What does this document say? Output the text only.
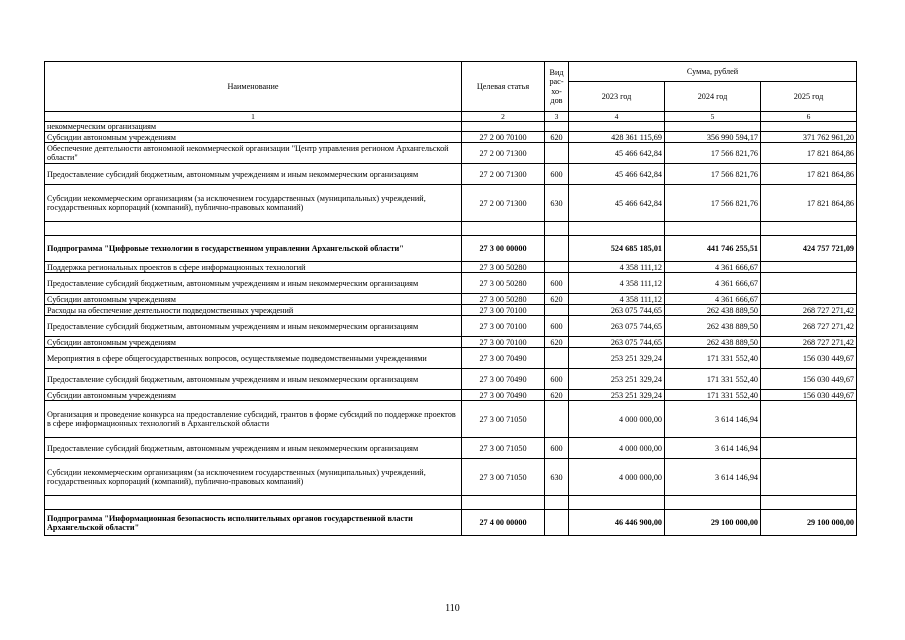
Наименование	Целевая статья	Вид рас-хо-дов	Сумма, рублей		
			2023 год	2024 год	2025 год
1	2	3	4	5	6
некоммерческим организациям					
Субсидии автономным учреждениям	27 2 00 70100	620	428 361 115,69	356 990 594,17	371 762 961,20
Обеспечение деятельности автономной некоммерческой организации "Центр управления регионом Архангельской области"	27 2 00 71300		45 466 642,84	17 566 821,76	17 821 864,86
Предоставление субсидий бюджетным, автономным учреждениям и иным некоммерческим организациям	27 2 00 71300	600	45 466 642,84	17 566 821,76	17 821 864,86
Субсидии некоммерческим организациям (за исключением государственных (муниципальных) учреждений, государственных корпораций (компаний), публично-правовых компаний)	27 2 00 71300	630	45 466 642,84	17 566 821,76	17 821 864,86

Подпрограмма "Цифровые технологии в государственном управлении Архангельской области"	27 3 00 00000		524 685 185,01	441 746 255,51	424 757 721,09
Поддержка региональных проектов в сфере информационных технологий	27 3 00 50280		4 358 111,12	4 361 666,67	
Предоставление субсидий бюджетным, автономным учреждениям и иным некоммерческим организациям	27 3 00 50280	600	4 358 111,12	4 361 666,67	
Субсидии автономным учреждениям	27 3 00 50280	620	4 358 111,12	4 361 666,67	
Расходы на обеспечение деятельности подведомственных учреждений	27 3 00 70100		263 075 744,65	262 438 889,50	268 727 271,42
Предоставление субсидий бюджетным, автономным учреждениям и иным некоммерческим организациям	27 3 00 70100	600	263 075 744,65	262 438 889,50	268 727 271,42
Субсидии автономным учреждениям	27 3 00 70100	620	263 075 744,65	262 438 889,50	268 727 271,42
Мероприятия в сфере общегосударственных вопросов, осуществляемые подведомственными учреждениями	27 3 00 70490		253 251 329,24	171 331 552,40	156 030 449,67
Предоставление субсидий бюджетным, автономным учреждениям и иным некоммерческим организациям	27 3 00 70490	600	253 251 329,24	171 331 552,40	156 030 449,67
Субсидии автономным учреждениям	27 3 00 70490	620	253 251 329,24	171 331 552,40	156 030 449,67
Организация и проведение конкурса на предоставление субсидий, грантов в форме субсидий по поддержке проектов в сфере информационных технологий в Архангельской области	27 3 00 71050		4 000 000,00	3 614 146,94	
Предоставление субсидий бюджетным, автономным учреждениям и иным некоммерческим организациям	27 3 00 71050	600	4 000 000,00	3 614 146,94	
Субсидии некоммерческим организациям (за исключением государственных (муниципальных) учреждений, государственных корпораций (компаний), публично-правовых компаний)	27 3 00 71050	630	4 000 000,00	3 614 146,94	

Подпрограмма "Информационная безопасность исполнительных органов государственной власти Архангельской области"	27 4 00 00000		46 446 900,00	29 100 000,00	29 100 000,00
110
